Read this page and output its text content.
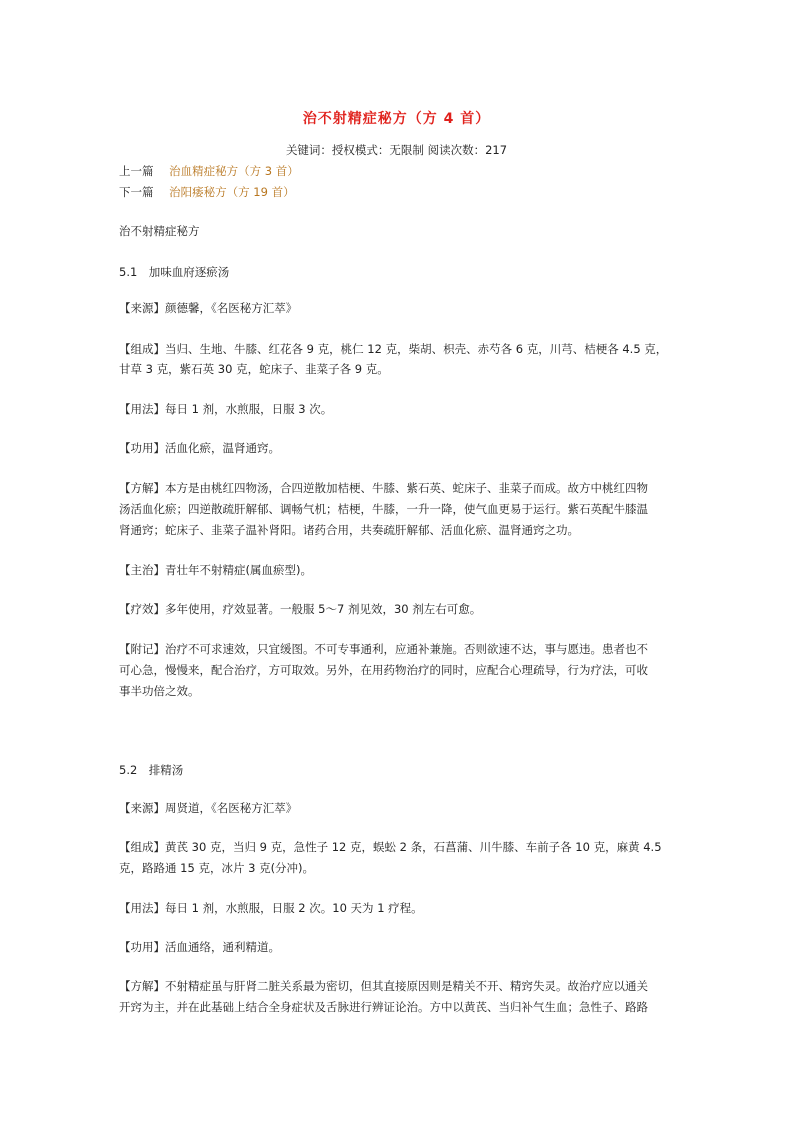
治不射精症秘方（方 4 首）
关键词：授权模式：无限制 阅读次数：217
上一篇 治血精症秘方（方 3 首）
下一篇 治阳痿秘方（方 19 首）
治不射精症秘方
5.1　加味血府逐瘀汤
【来源】颜德馨，《名医秘方汇萃》
【组成】当归、生地、牛膝、红花各 9 克，桃仁 12 克，柴胡、枳壳、赤芍各 6 克，川芎、桔梗各 4.5 克，
甘草 3 克，紫石英 30 克，蛇床子、韭菜子各 9 克。
【用法】每日 1 剂，水煎服，日服 3 次。
【功用】活血化瘀，温肾通窍。
【方解】本方是由桃红四物汤，合四逆散加桔梗、牛膝、紫石英、蛇床子、韭菜子而成。故方中桃红四物
汤活血化瘀；四逆散疏肝解郁、调畅气机；桔梗，牛膝，一升一降，使气血更易于运行。紫石英配牛膝温
肾通窍；蛇床子、韭菜子温补肾阳。诸药合用，共奏疏肝解郁、活血化瘀、温肾通窍之功。
【主治】青壮年不射精症(属血瘀型)。
【疗效】多年使用，疗效显著。一般服 5～7 剂见效，30 剂左右可愈。
【附记】治疗不可求速效，只宜缓图。不可专事通利，应通补兼施。否则欲速不达，事与愿违。患者也不
可心急，慢慢来，配合治疗，方可取效。另外，在用药物治疗的同时，应配合心理疏导，行为疗法，可收
事半功倍之效。
5.2　排精汤
【来源】周贤道，《名医秘方汇萃》
【组成】黄芪 30 克，当归 9 克，急性子 12 克，蜈蚣 2 条，石菖蒲、川牛膝、车前子各 10 克，麻黄 4.5
克，路路通 15 克，冰片 3 克(分冲)。
【用法】每日 1 剂，水煎服，日服 2 次。10 天为 1 疗程。
【功用】活血通络，通利精道。
【方解】不射精症虽与肝肾二脏关系最为密切，但其直接原因则是精关不开、精窍失灵。故治疗应以通关
开窍为主，并在此基础上结合全身症状及舌脉进行辨证论治。方中以黄芪、当归补气生血；急性子、路路
